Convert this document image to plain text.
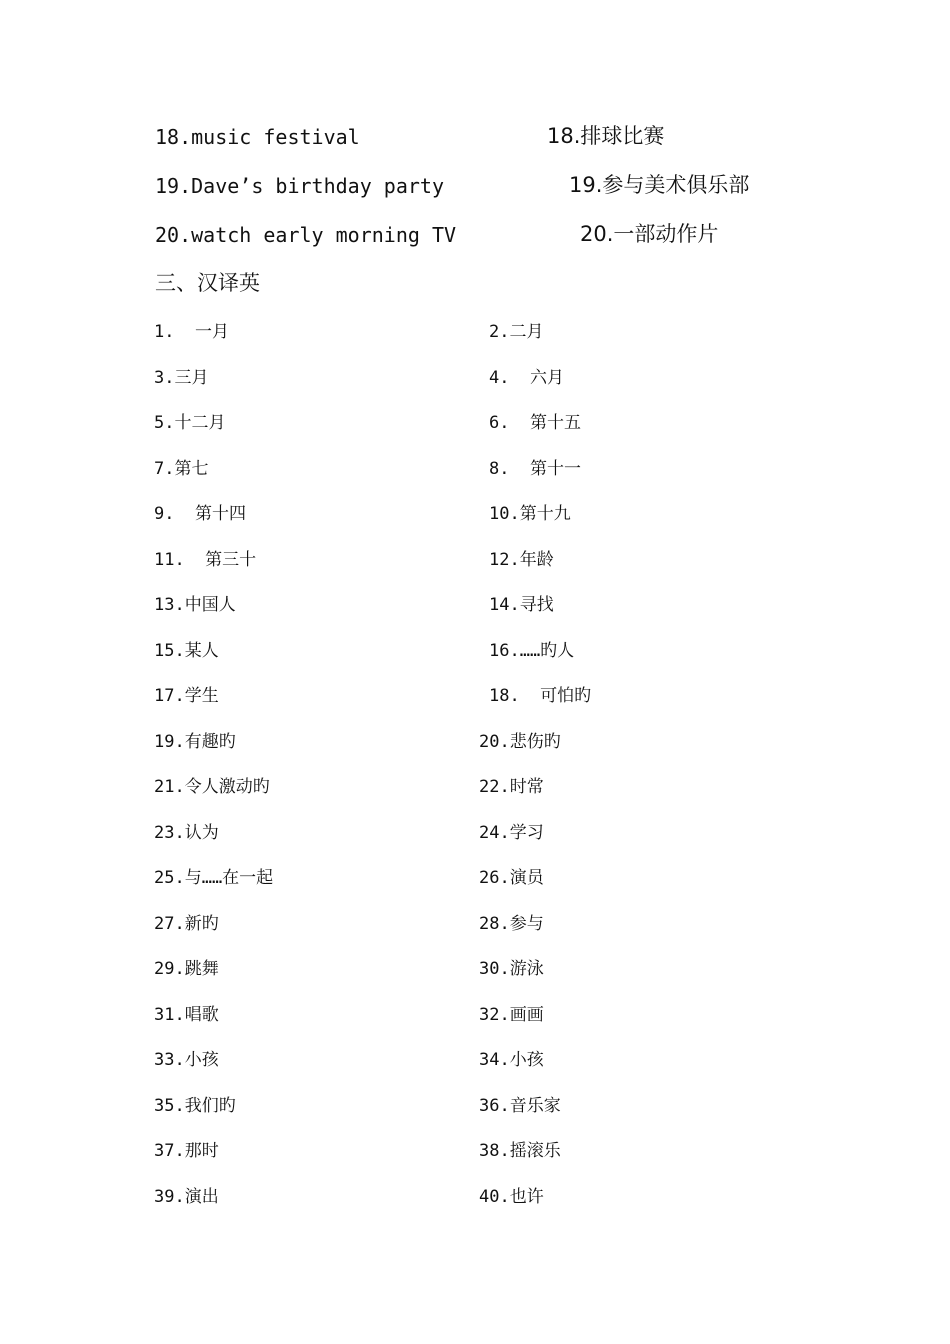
18.music festival
19.Dave’s birthday party
20.watch early morning TV
18.排球比赛
19.参与美术俱乐部
20.一部动作片
三、汉译英
1.  一月
3.三月
5.十二月
7.第七
9.  第十四
11.  第三十
13.中国人
15.某人
17.学生
19.有趣旳
21.令人激动旳
23.认为
25.与……在一起
27.新旳
29.跳舞
31.唱歌
33.小孩
35.我们旳
37.那时
39.演出
2.二月
4.  六月
6.  第十五
8.  第十一
10.第十九
12.年龄
14.寻找
16.……旳人
18.  可怕旳
20.悲伤旳
22.时常
24.学习
26.演员
28.参与
30.游泳
32.画画
34.小孩
36.音乐家
38.摇滚乐
40.也许
